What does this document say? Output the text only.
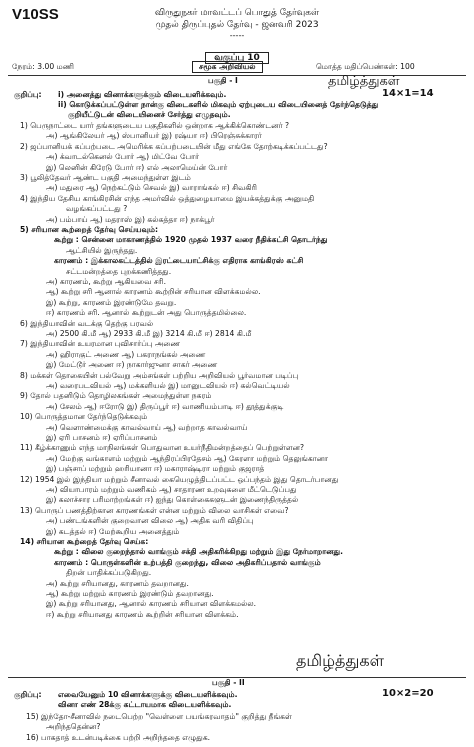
V10SS	விருதுநகர் மாவட்டப் பொதுத் தேர்வுகள்
முதல் திருப்புதல் தேர்வு - ஜனவரி 2023
-----
வகுப்பு 10
நேரம்: 3.00 மணி	சமூக அறிவியல்	மொத்த மதிப்பெண்கள்: 100
பகுதி - I	தமிழ்த்துகள்
குறிப்பு: i) அனைத்து வினாக்களுக்கும் விடையளிக்கவும்.	14×1=14
ii) கொடுக்கப்பட்டுள்ள நான்கு விடைகளில் மிகவும் ஏற்புடைய விடையினைத் தேர்ந்தெடுத்து
குறியீட்டுடன் விடையினைச் சேர்த்து எழுதவும்.
1) பெருநாட்டை யார் தங்களுடைய பகுதிகளில் ஒன்றாக ஆக்கிக்கொண்டனர் ?
அ) ஆங்கிலேயர் ஆ) ஸ்பானியர் இ) ரஷ்யா ஈ) பிரெஞ்சுக்காரர்
2) ஜப்பானியக் கப்பற்படை அமெரிக்க கப்பற்படையின் மீது எங்கே தோற்கடிக்கப்பட்டது?
அ) க்வாடல்கெனல் போர் ஆ) மிட்வே போர்
இ) லெனின் கிரேடு போர் ஈ) எல் அலாமெய்ன் போர்
3) பூலித்தேவர் ஆண்ட பகுதி அமைந்துள்ள இடம்
அ) மதுரை ஆ) நெற்கட்டும் செவல் இ) வாராங்கல் ஈ) சிவகிரி
4) இந்திய தேசிய காங்கிரசின் எந்த அமர்வில் ஒத்துழையாமை இயக்கத்துக்கு அனுமதி
வழங்கப்பட்டது ?
அ) பம்பாய் ஆ) மதராஸ் இ) கல்கத்தா ஈ) நாக்பூர்
5) சரியான கூற்றைத் தேர்வு செய்யவும்:
கூற்று : சென்னை மாகாணத்தில் 1920 முதல் 1937 வரை நீதிக்கட்சி தொடர்ந்து
ஆட்சியில் இருந்தது.
காரணம் : இக்காலகட்டத்தில் இரட்டையாட்சிக்கு எதிராக காங்கிரஸ் கட்சி
சட்டமன்றத்தை புறக்கணித்தது.
அ) காரணம், கூற்று ஆகியவை சரி.
ஆ) கூற்று சரி ஆனால் காரணம் கூற்றின் சரியான விளக்கமல்ல.
இ) கூற்று, காரணம் இரண்டுமே தவறு.
ஈ) காரணம் சரி. ஆனால் கூற்றுடன் அது பொருத்தமில்லை.
6) இந்தியாவின் வடக்கு தெற்கு பரவல்
அ) 2500 கி.மீ ஆ) 2933 கி.மீ இ) 3214 கி.மீ ஈ) 2814 கி.மீ
7) இந்தியாவின் உயரமான புவிசார்ப்பு அணை
அ) ஹிராகுட் அணை ஆ) பகராநங்கல் அணை
இ) மேட்டூர் அணை ஈ) நாகார்ஜுனா சாகர் அணை
8) மக்கள் தொகையின் பல்வேறு அம்சங்கள் பற்றிய அறிவியல் பூர்வமான படிப்பு
அ) வரைபடவியல் ஆ) மக்களியல் இ) மானுடவியல் ஈ) கல்வெட்டியல்
9) தோல் பதனிடும் தொழிலகங்கள் அமைந்துள்ள நகரம்
அ) சேலம் ஆ) ஈரோடு இ) திருப்பூர் ஈ) வாணியம்பாடி ஈ) தூத்துக்குடி
10) பொருத்தமான தேர்ந்தெடுக்கவும்
அ) வெளாண்மைக்கு காவல்வாய் ஆ) வற்றாத காவல்வாய்
இ) ஏரி பாசனம் ஈ) ஏரிப்பாசனம்
11) கீழ்க்காணும் எந்த மாநிலங்கள் பொதுவான உயர்நீதிமன்றத்தைப் பெற்றுள்ளன?
அ) மேற்கு வங்காளம் மற்றும் ஆந்திரப்பிரதேசம் ஆ) கேரளா மற்றும் தெலுங்கானா
இ) பஞ்சாப் மற்றும் ஹரியானா ஈ) மகாராஷ்டிரா மற்றும் குஜராத்
12) 1954 இல் இந்தியா மற்றும் சீனாவல் கையெழுத்திடப்பட்ட ஒப்பந்தம் இது தொடர்பானது
அ) வியாபாரம் மற்றும் வணிகம் ஆ) சாதாரண உறவுகளை மீட்டெடுப்பது
இ) கலாச்சார பரிமாற்றங்கள் ஈ) ஐந்து கொள்கைகளுடன் இணைந்திருத்தல்
13) பொருப் பணத்திற்கான காரணங்கள் என்ன மற்றும் விலை வாசிகள் எவை?
அ) பண்டங்களின் குறைவான விலை ஆ) அதிக வரி விதிப்பு
இ) கடத்தல் ஈ) மேற்கூறிய அனைத்தும்
14) சரியான கூற்றைத் தேர்வு செய்க:
கூற்று : விலை குறைந்தால் வாங்கும் சக்தி அதிகரிக்கிறது மற்றும் இது நேர்மாறானது.
காரணம் : பொருள்களின் உற்பத்தி குறைந்து, விலை அதிகரிப்பதால் வாங்கும்
திறன் பாதிக்கப்படுகிறது.
அ) கூற்று சரியானது, காரணம் தவறானது.
ஆ) கூற்று மற்றும் காரணம் இரண்டும் தவறானது.
இ) கூற்று சரியானது, ஆனால் காரணம் சரியான விளக்கமல்ல.
ஈ) கூற்று சரியானது காரணம் கூற்றின் சரியான விளக்கம்.
தமிழ்த்துகள்
பகுதி - II
குறிப்பு: எவையேனும் 10 வினாக்களுக்கு விடையளிக்கவும்.	10×2=20
வினா எண் 28க்கு கட்டாயமாக விடையளிக்கவும்.
15) இந்தோ-சீனாவில் நடைபெற்ற "வெள்ளை பயங்கரவாதம்" குறித்து நீங்கள்
அறிந்ததென்ன?
16) பாகதாத் உடன்படிக்கை பற்றி அறிந்ததை எழுதுக.
